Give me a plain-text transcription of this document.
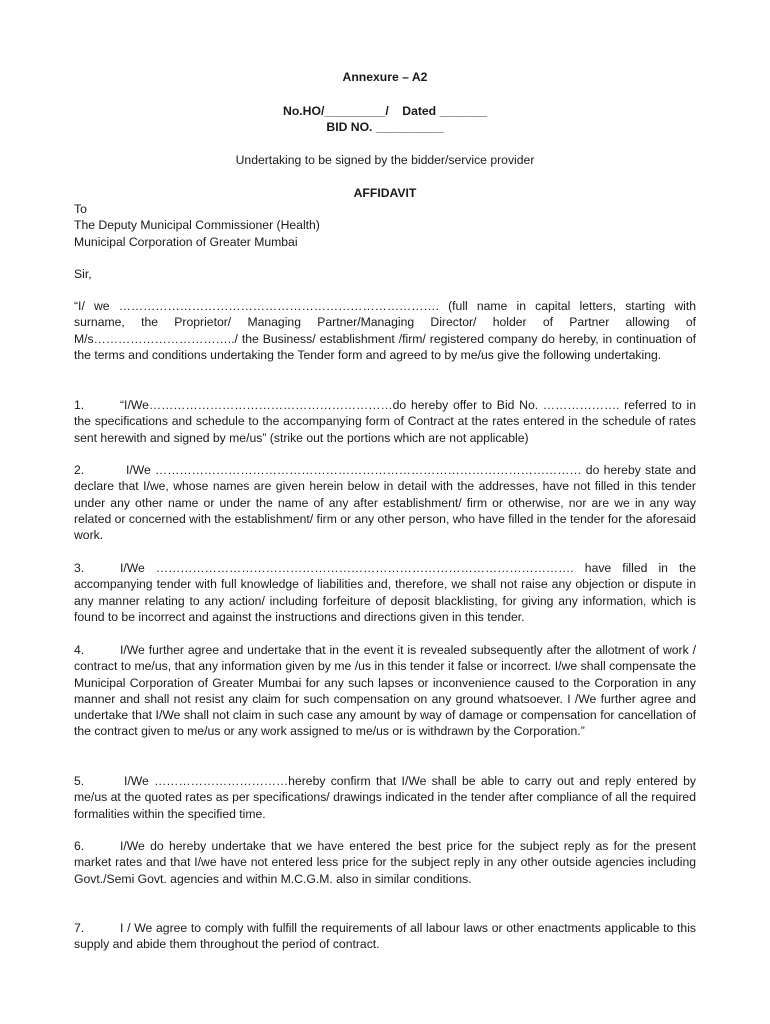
Annexure – A2
No.HO/_________/    Dated _______
BID NO. __________
Undertaking to be signed by the bidder/service provider
AFFIDAVIT
To
The Deputy Municipal Commissioner (Health)
Municipal Corporation of Greater Mumbai
Sir,
“I/ we ……………………………………………………………………. (full name in capital letters, starting with surname, the Proprietor/ Managing Partner/Managing Director/ holder of Partner allowing of M/s……………………………../ the Business/ establishment /firm/ registered company do hereby, in continuation of the terms and conditions undertaking the Tender form and agreed to by me/us give the following undertaking.
1.	“I/We……………………………………………………do hereby offer to Bid No. ………………. referred to in the specifications and schedule to the accompanying form of Contract at the rates entered in the schedule of rates sent herewith and signed by me/us” (strike out the portions which are not applicable)
2.	I/We …………………………………………………………………………………………… do hereby state and declare that I/we, whose names are given herein below in detail with the addresses, have not filled in this tender under any other name or under the name of any after establishment/ firm or otherwise, nor are we in any way related or concerned with the establishment/ firm or any other person, who have filled in the tender for the aforesaid work.
3.	I/We …………………………………………………………………………………………. have filled in the accompanying tender with full knowledge of liabilities and, therefore, we shall not raise any objection or dispute in any manner relating to any action/ including forfeiture of deposit blacklisting, for giving any information, which is found to be incorrect and against the instructions and directions given in this tender.
4.	I/We further agree and undertake that in the event it is revealed subsequently after the allotment of work / contract to me/us, that any information given by me /us in this tender it false or incorrect. I/we shall compensate the Municipal Corporation of Greater Mumbai for any such lapses or inconvenience caused to the Corporation in any manner and shall not resist any claim for such compensation on any ground whatsoever. I /We further agree and undertake that I/We shall not claim in such case any amount by way of damage or compensation for cancellation of the contract given to me/us or any work assigned to me/us or is withdrawn by the Corporation.”
5.	I/We ……………………………hereby confirm that I/We shall be able to carry out and reply entered by me/us at the quoted rates as per specifications/ drawings indicated in the tender after compliance of all the required formalities within the specified time.
6.	I/We do hereby undertake that we have entered the best price for the subject reply as for the present market rates and that I/we have not entered less price for the subject reply in any other outside agencies including Govt./Semi Govt. agencies and within M.C.G.M. also in similar conditions.
7.	I / We agree to comply with fulfill the requirements of all labour laws or other enactments applicable to this supply and abide them throughout the period of contract.
